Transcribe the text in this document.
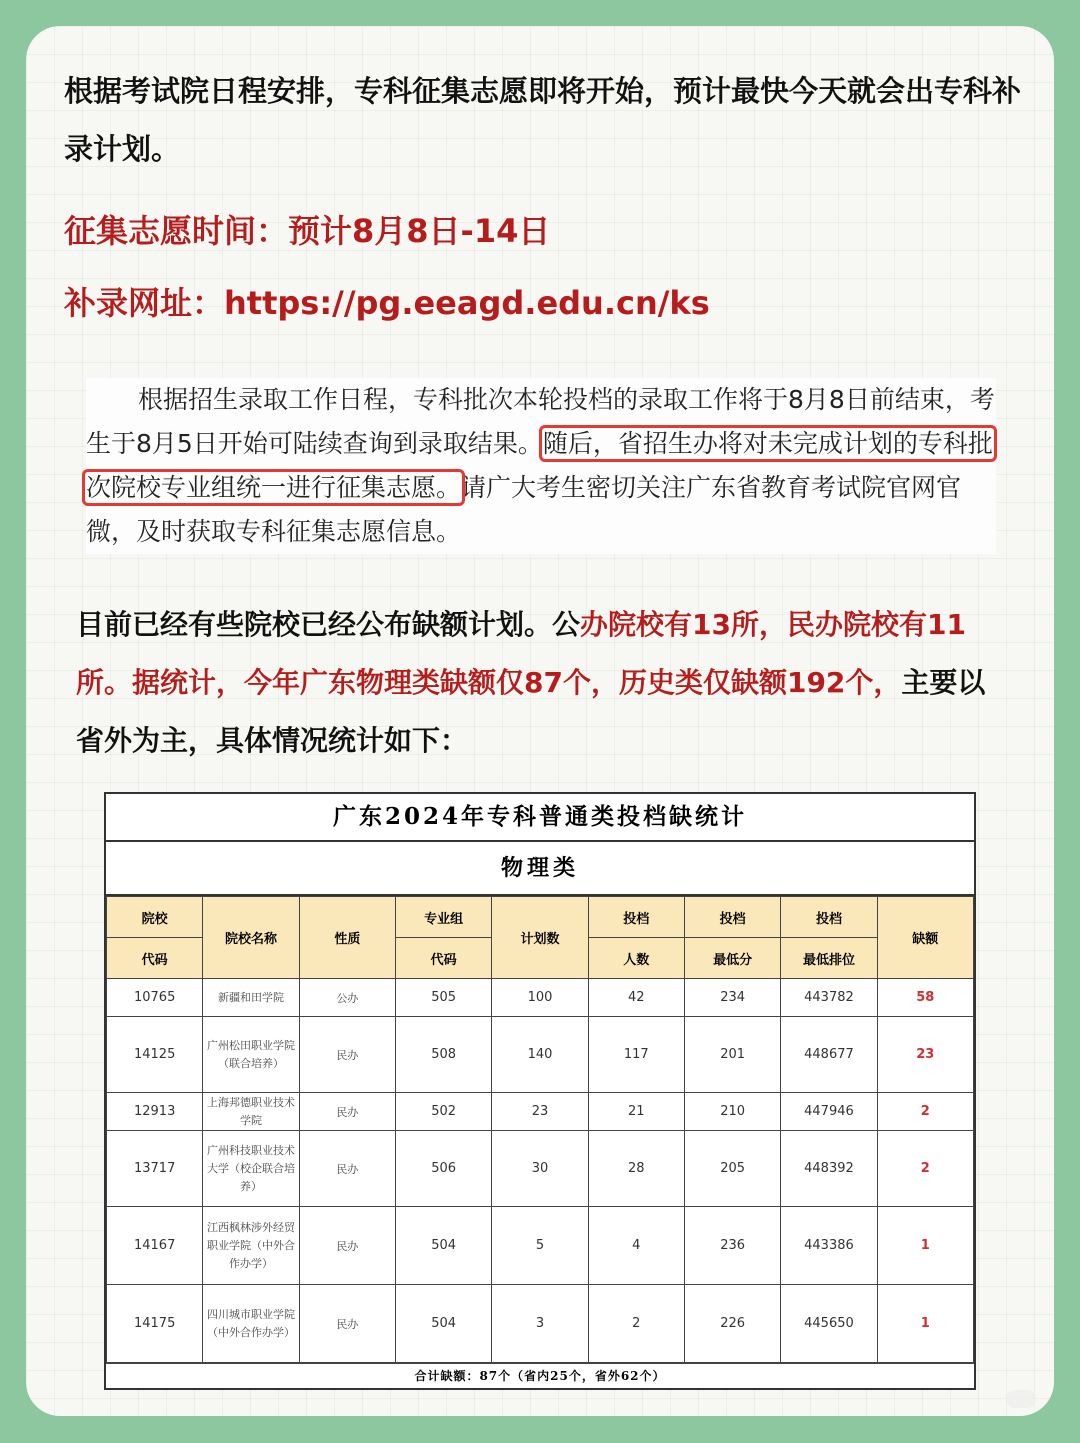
根据考试院日程安排，专科征集志愿即将开始，预计最快今天就会出专科补录计划。

征集志愿时间：预计8月8日-14日

补录网址：https://pg.eeagd.edu.cn/ks

根据招生录取工作日程，专科批次本轮投档的录取工作将于8月8日前结束，考生于8月5日开始可陆续查询到录取结果。随后，省招生办将对未完成计划的专科批次院校专业组统一进行征集志愿。请广大考生密切关注广东省教育考试院官网官微，及时获取专科征集志愿信息。

目前已经有些院校已经公布缺额计划。公办院校有13所，民办院校有11所。据统计，今年广东物理类缺额仅87个，历史类仅缺额192个，主要以省外为主，具体情况统计如下：

广东2024年专科普通类投档缺统计
物理类
院校	院校名称	性质	专业组	计划数	投档	投档	投档	缺额
代码			代码		人数	最低分	最低排位	
10765	新疆和田学院	公办	505	100	42	234	443782	58
14125	广州松田职业学院（联合培养）	民办	508	140	117	201	448677	23
12913	上海邦德职业技术学院	民办	502	23	21	210	447946	2
13717	广州科技职业技术大学（校企联合培养）	民办	506	30	28	205	448392	2
14167	江西枫林涉外经贸职业学院（中外合作办学）	民办	504	5	4	236	443386	1
14175	四川城市职业学院（中外合作办学）	民办	504	3	2	226	445650	1
合计缺额：87个（省内25个，省外62个）
